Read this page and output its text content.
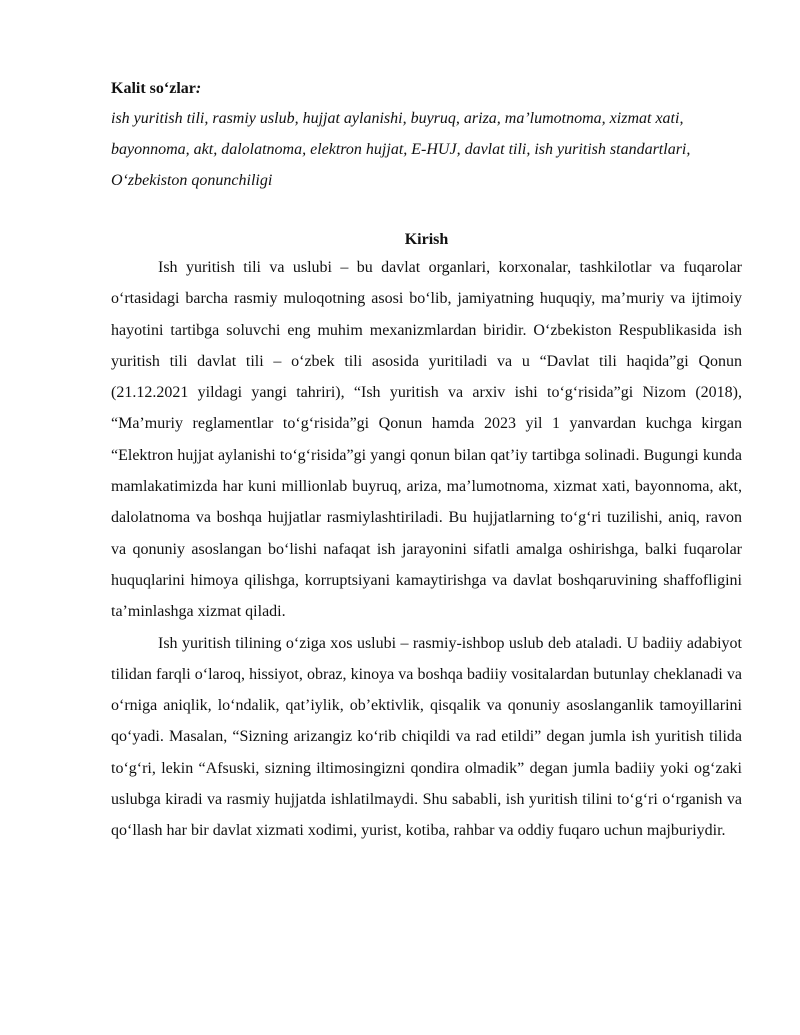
Kalit soʻzlar:

ish yuritish tili, rasmiy uslub, hujjat aylanishi, buyruq, ariza, maʼlumotnoma, xizmat xati, bayonnoma, akt, dalolatnoma, elektron hujjat, E-HUJ, davlat tili, ish yuritish standartlari, Oʻzbekiston qonunchiligi

Kirish

Ish yuritish tili va uslubi – bu davlat organlari, korxonalar, tashkilotlar va fuqarolar oʻrtasidagi barcha rasmiy muloqotning asosi boʻlib, jamiyatning huquqiy, maʼmuriy va ijtimoiy hayotini tartibga soluvchi eng muhim mexanizmlardan biridir. Oʻzbekiston Respublikasida ish yuritish tili davlat tili – oʻzbek tili asosida yuritiladi va u “Davlat tili haqida”gi Qonun (21.12.2021 yildagi yangi tahriri), “Ish yuritish va arxiv ishi toʻgʻrisida”gi Nizom (2018), “Maʼmuriy reglamentlar toʻgʻrisida”gi Qonun hamda 2023 yil 1 yanvardan kuchga kirgan “Elektron hujjat aylanishi toʻgʻrisida”gi yangi qonun bilan qatʼiy tartibga solinadi. Bugungi kunda mamlakatimizda har kuni millionlab buyruq, ariza, maʼlumotnoma, xizmat xati, bayonnoma, akt, dalolatnoma va boshqa hujjatlar rasmiylashtiriladi. Bu hujjatlarning toʻgʻri tuzilishi, aniq, ravon va qonuniy asoslangan boʻlishi nafaqat ish jarayonini sifatli amalga oshirishga, balki fuqarolar huquqlarini himoya qilishga, korruptsiyani kamaytirishga va davlat boshqaruvining shaffofligini taʼminlashga xizmat qiladi.

Ish yuritish tilining oʻziga xos uslubi – rasmiy-ishbop uslub deb ataladi. U badiiy adabiyot tilidan farqli oʻlaroq, hissiyot, obraz, kinoya va boshqa badiiy vositalardan butunlay cheklanadi va oʻrniga aniqlik, loʻndalik, qatʼiylik, obʼektivlik, qisqalik va qonuniy asoslanganlik tamoyillarini qoʻyadi. Masalan, “Sizning arizangiz koʻrib chiqildi va rad etildi” degan jumla ish yuritish tilida toʻgʻri, lekin “Afsuski, sizning iltimosingizni qondira olmadik” degan jumla badiiy yoki ogʻzaki uslubga kiradi va rasmiy hujjatda ishlatilmaydi. Shu sababli, ish yuritish tilini toʻgʻri oʻrganish va qoʻllash har bir davlat xizmati xodimi, yurist, kotiba, rahbar va oddiy fuqaro uchun majburiydir.
